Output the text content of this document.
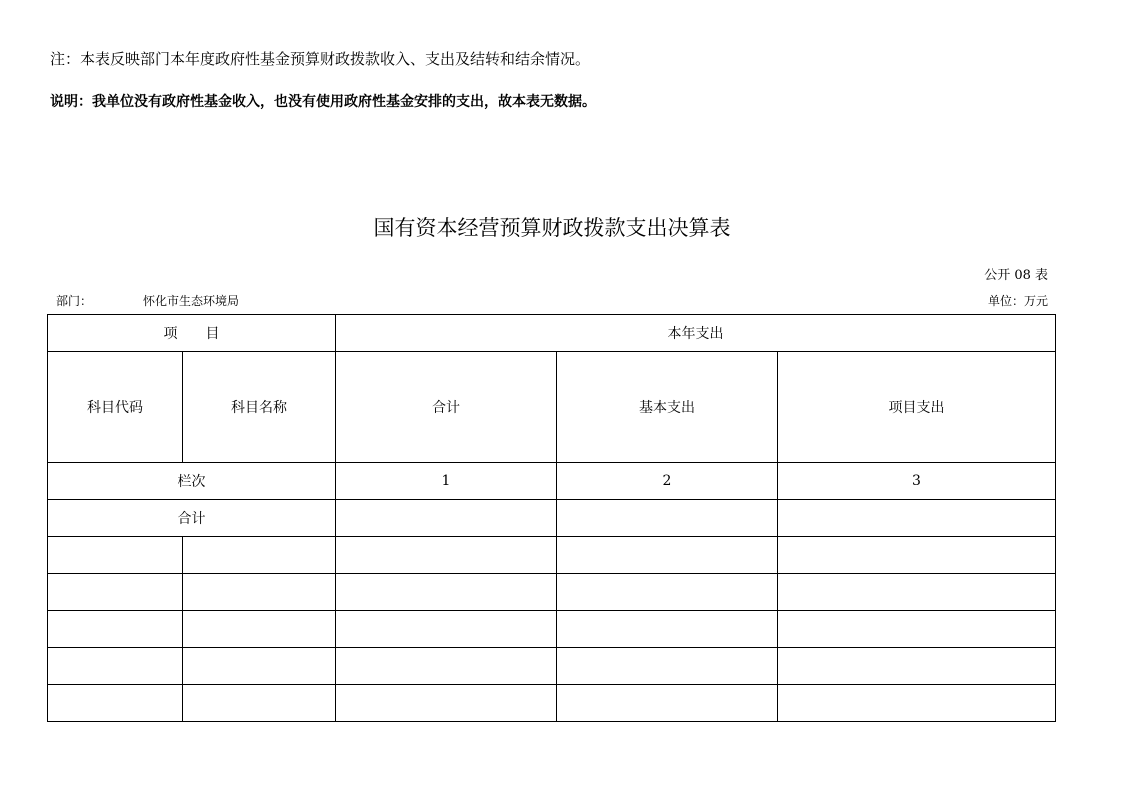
注：本表反映部门本年度政府性基金预算财政拨款收入、支出及结转和结余情况。
说明：我单位没有政府性基金收入，也没有使用政府性基金安排的支出，故本表无数据。
国有资本经营预算财政拨款支出决算表
公开 08 表
部门：	怀化市生态环境局	单位：万元
项　　目		本年支出		
科目代码	科目名称	合计	基本支出	项目支出
栏次		1	2	3
合计				
